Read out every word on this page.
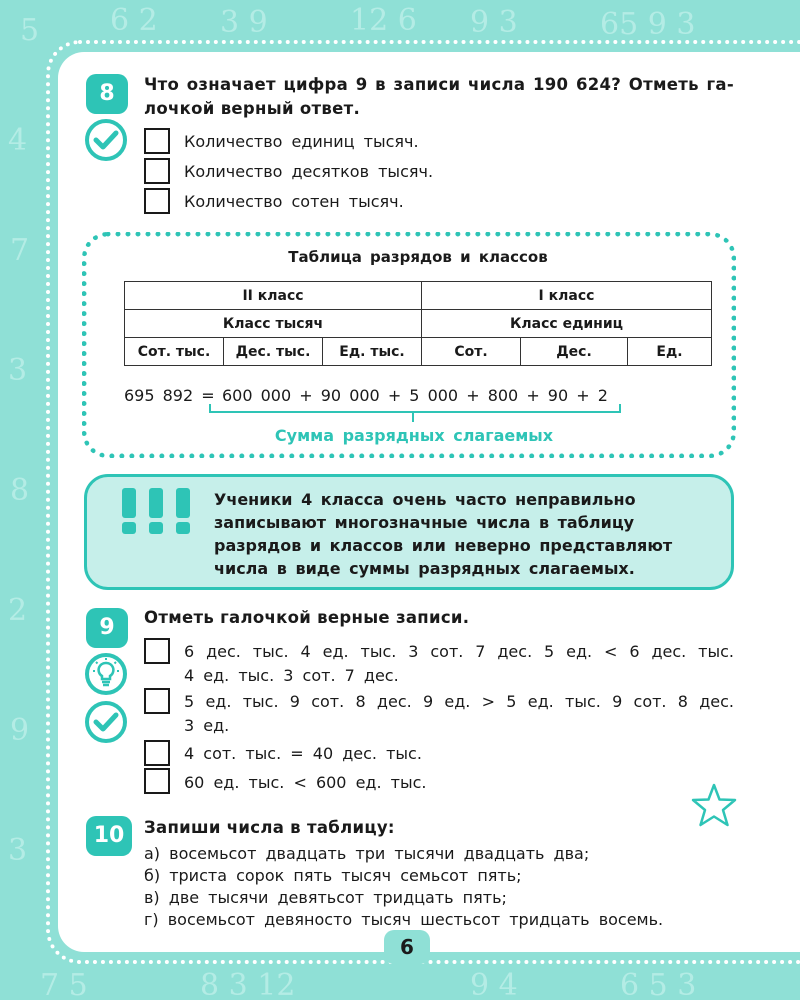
5 6 2 3 9	12 6 9 3	65 9 3
4
7
3
8
2
9
3
7 5	8 3 12	9 4	6 5 3
8	Что означает цифра 9 в записи числа 190 624? Отметь га-
лочкой верный ответ.
Количество единиц тысяч.
Количество десятков тысяч.
Количество сотен тысяч.
Таблица разрядов и классов
II класс			I класс		
Класс тысяч			Класс единиц		
Сот. тыс.	Дес. тыс.	Ед. тыс.	Сот.	Дес.	Ед.
695 892 = 600 000 + 90 000 + 5 000 + 800 + 90 + 2
Сумма разрядных слагаемых
Ученики 4 класса очень часто неправильно
записывают многозначные числа в таблицу
разрядов и классов или неверно представляют
числа в виде суммы разрядных слагаемых.
9	Отметь галочкой верные записи.
6 дес. тыс. 4 ед. тыс. 3 сот. 7 дес. 5 ед. < 6 дес. тыс.
4 ед. тыс. 3 сот. 7 дес.
5 ед. тыс. 9 сот. 8 дес. 9 ед. > 5 ед. тыс. 9 сот. 8 дес.
3 ед.
4 сот. тыс. = 40 дес. тыс.
60 ед. тыс. < 600 ед. тыс.
10	Запиши числа в таблицу:
а) восемьсот двадцать три тысячи двадцать два;
б) триста сорок пять тысяч семьсот пять;
в) две тысячи девятьсот тридцать пять;
г) восемьсот девяносто тысяч шестьсот тридцать восемь.
6
